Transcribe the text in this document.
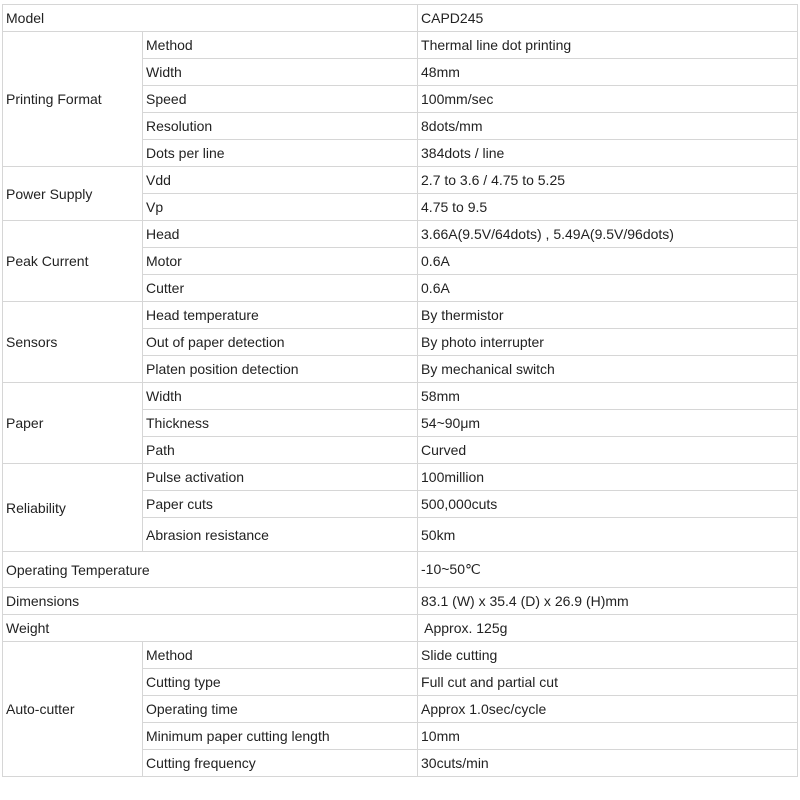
Model		CAPD245
Printing Format	Method	Thermal line dot printing
	Width	48mm
	Speed	100mm/sec
	Resolution	8dots/mm
	Dots per line	384dots / line
Power Supply	Vdd	2.7 to 3.6 / 4.75 to 5.25
	Vp	4.75 to 9.5
Peak Current	Head	3.66A(9.5V/64dots) , 5.49A(9.5V/96dots)
	Motor	0.6A
	Cutter	0.6A
Sensors	Head temperature	By thermistor
	Out of paper detection	By photo interrupter
	Platen position detection	By mechanical switch
Paper	Width	58mm
	Thickness	54~90μm
	Path	Curved
Reliability	Pulse activation	100million
	Paper cuts	500,000cuts
	Abrasion resistance	50km
Operating Temperature		-10~50℃
Dimensions		83.1 (W) x 35.4 (D) x 26.9 (H)mm
Weight		Approx. 125g
Auto-cutter	Method	Slide cutting
	Cutting type	Full cut and partial cut
	Operating time	Approx 1.0sec/cycle
	Minimum paper cutting length	10mm
	Cutting frequency	30cuts/min
